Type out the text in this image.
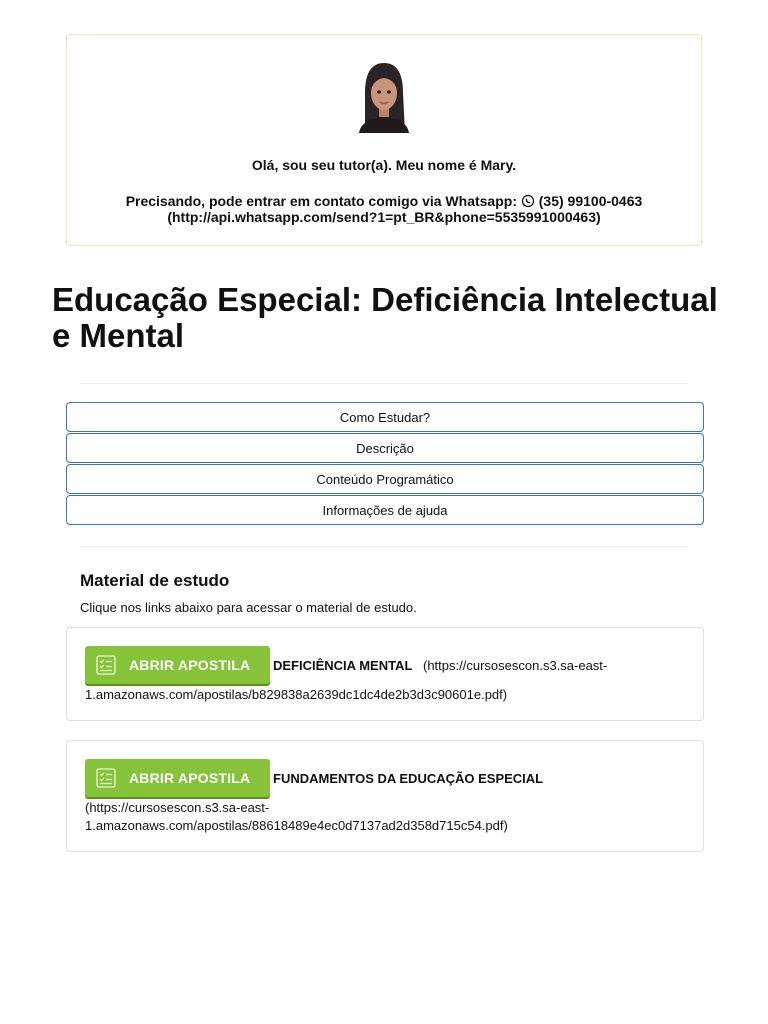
Olá, sou seu tutor(a). Meu nome é Mary.
Precisando, pode entrar em contato comigo via Whatsapp: (35) 99100-0463
(http://api.whatsapp.com/send?1=pt_BR&phone=5535991000463)
Educação Especial: Deficiência Intelectual e Mental
Como Estudar?
Descrição
Conteúdo Programático
Informações de ajuda
Material de estudo

Clique nos links abaixo para acessar o material de estudo.

ABRIR APOSTILA DEFICIÊNCIA MENTAL (https://cursosescon.s3.sa-east-
1.amazonaws.com/apostilas/b829838a2639dc1dc4de2b3d3c90601e.pdf)
ABRIR APOSTILA FUNDAMENTOS DA EDUCAÇÃO ESPECIAL
(https://cursosescon.s3.sa-east-
1.amazonaws.com/apostilas/88618489e4ec0d7137ad2d358d715c54.pdf)
